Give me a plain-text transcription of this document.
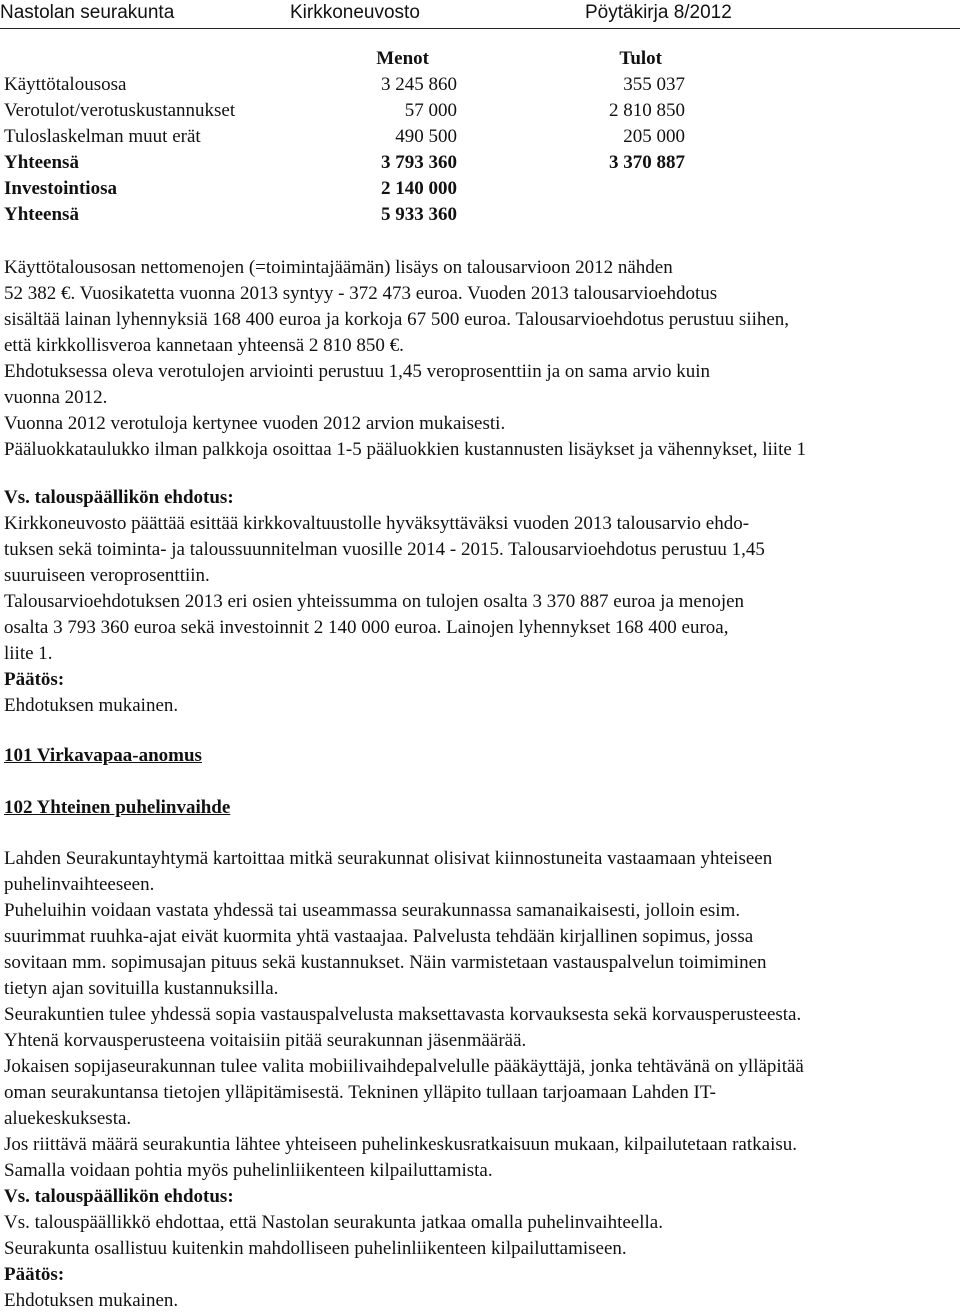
Nastolan seurakunta	Kirkkoneuvosto	Pöytäkirja 8/2012
Menot	Tulot
Käyttötalousosa	3 245 860	355 037
Verotulot/verotuskustannukset	57 000	2 810 850
Tuloslaskelman muut erät	490 500	205 000
Yhteensä	3 793 360	3 370 887
Investointiosa	2 140 000
Yhteensä	5 933 360

Käyttötalousosan nettomenojen (=toimintajäämän) lisäys on talousarvioon 2012 nähden

52 382 €. Vuosikatetta vuonna 2013 syntyy - 372 473 euroa. Vuoden 2013 talousarvioehdotus

sisältää lainan lyhennyksiä 168 400 euroa ja korkoja 67 500 euroa. Talousarvioehdotus perustuu siihen,

että kirkkollisveroa kannetaan yhteensä 2 810 850 €.

Ehdotuksessa oleva verotulojen arviointi perustuu 1,45 veroprosenttiin ja on sama arvio kuin

vuonna 2012.

Vuonna 2012 verotuloja kertynee vuoden 2012 arvion mukaisesti.

Pääluokkataulukko ilman palkkoja osoittaa 1-5 pääluokkien kustannusten lisäykset ja vähennykset, liite 1

Vs. talouspäällikön ehdotus:

Kirkkoneuvosto päättää esittää kirkkovaltuustolle hyväksyttäväksi vuoden 2013 talousarvio ehdo-

tuksen sekä toiminta- ja taloussuunnitelman vuosille 2014 - 2015. Talousarvioehdotus perustuu 1,45

suuruiseen veroprosenttiin.

Talousarvioehdotuksen 2013 eri osien yhteissumma on tulojen osalta 3 370 887 euroa ja menojen

osalta 3 793 360 euroa sekä investoinnit 2 140 000 euroa. Lainojen lyhennykset 168 400 euroa,

liite 1.

Päätös:

Ehdotuksen mukainen.

101 Virkavapaa-anomus

102 Yhteinen puhelinvaihde

Lahden Seurakuntayhtymä kartoittaa mitkä seurakunnat olisivat kiinnostuneita vastaamaan yhteiseen

puhelinvaihteeseen.

Puheluihin voidaan vastata yhdessä tai useammassa seurakunnassa samanaikaisesti, jolloin esim.

suurimmat ruuhka-ajat eivät kuormita yhtä vastaajaa. Palvelusta tehdään kirjallinen sopimus, jossa

sovitaan mm. sopimusajan pituus sekä kustannukset. Näin varmistetaan vastauspalvelun toimiminen

tietyn ajan sovituilla kustannuksilla.

Seurakuntien tulee yhdessä sopia vastauspalvelusta maksettavasta korvauksesta sekä korvausperusteesta.

Yhtenä korvausperusteena voitaisiin pitää seurakunnan jäsenmäärää.

Jokaisen sopijaseurakunnan tulee valita mobiilivaihdepalvelulle pääkäyttäjä, jonka tehtävänä on ylläpitää

oman seurakuntansa tietojen ylläpitämisestä. Tekninen ylläpito tullaan tarjoamaan Lahden IT-

aluekeskuksesta.

Jos riittävä määrä seurakuntia lähtee yhteiseen puhelinkeskusratkaisuun mukaan, kilpailutetaan ratkaisu.

Samalla voidaan pohtia myös puhelinliikenteen kilpailuttamista.

Vs. talouspäällikön ehdotus:

Vs. talouspäällikkö ehdottaa, että Nastolan seurakunta jatkaa omalla puhelinvaihteella.

Seurakunta osallistuu kuitenkin mahdolliseen puhelinliikenteen kilpailuttamiseen.

Päätös:

Ehdotuksen mukainen.
